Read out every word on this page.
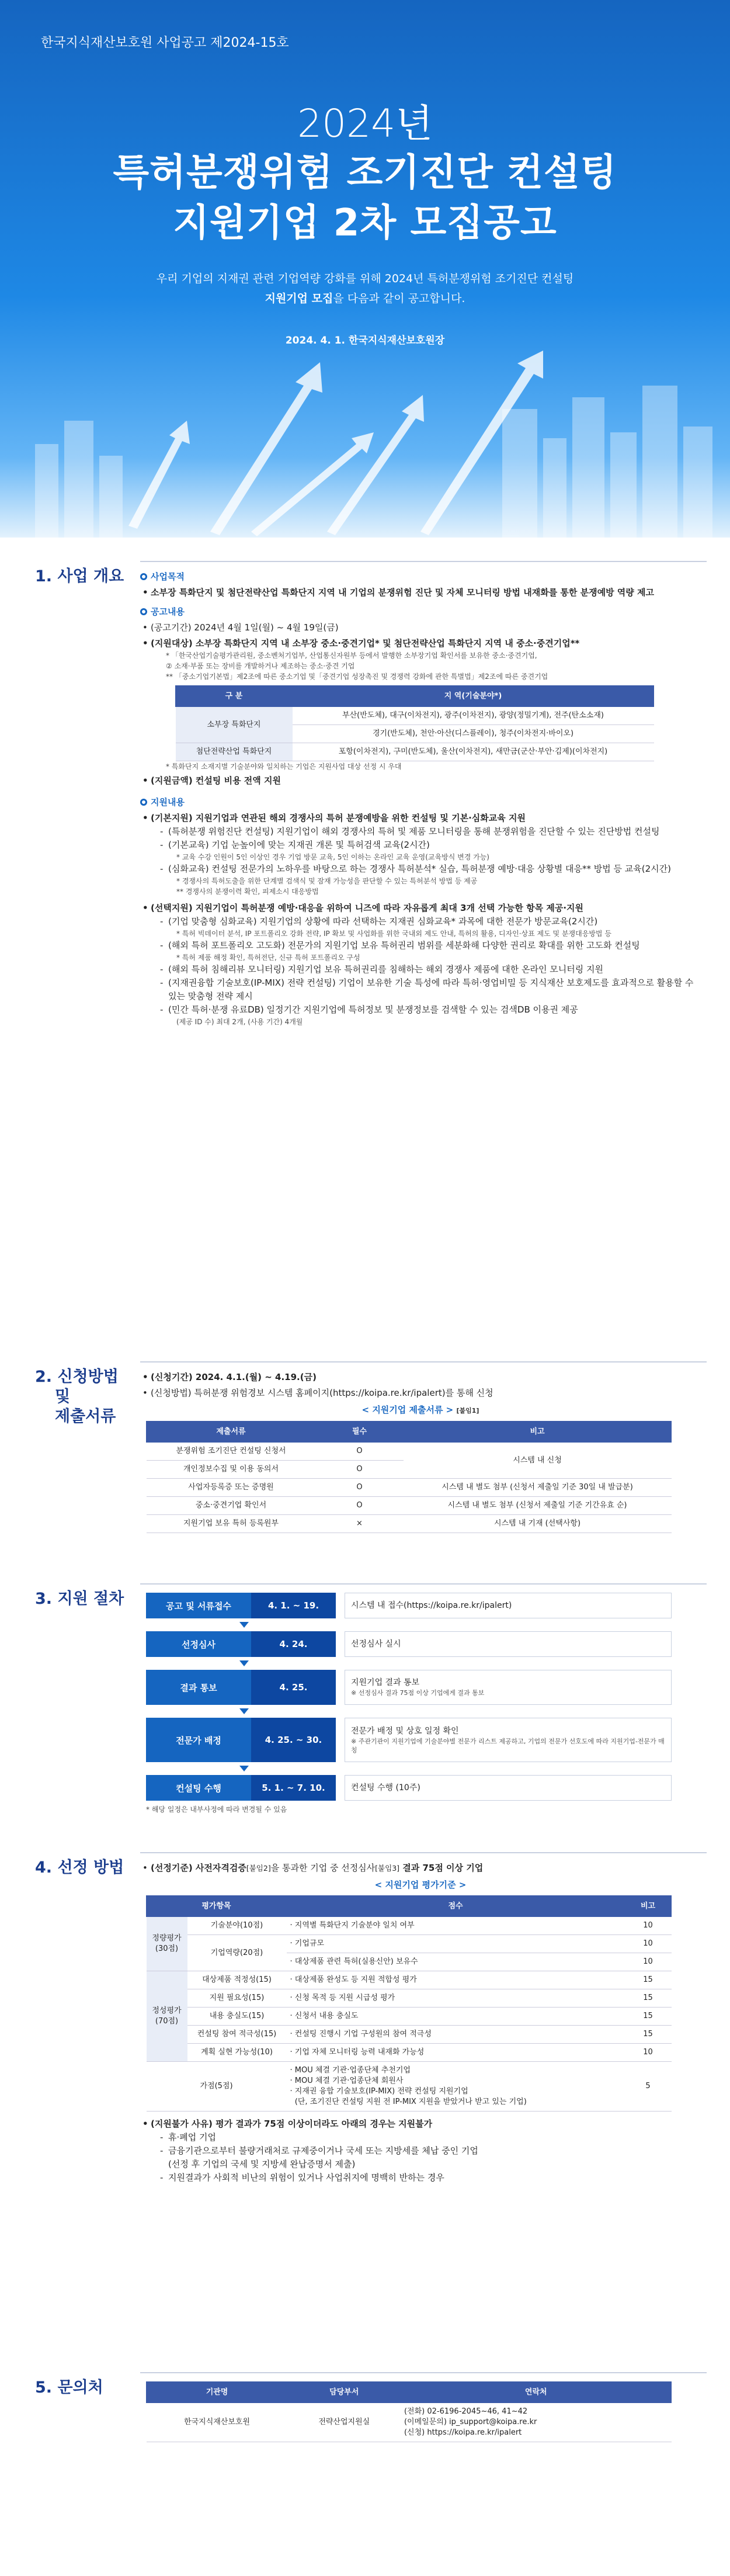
한국지식재산보호원 사업공고 제2024-15호
2024년
특허분쟁위험 조기진단 컨설팅
지원기업 2차 모집공고
우리 기업의 지재권 관련 기업역량 강화를 위해 2024년 특허분쟁위험 조기진단 컨설팅
지원기업 모집을 다음과 같이 공고합니다.
2024. 4. 1. 한국지식재산보호원장
1. 사업 개요	사업목적
• 소부장 특화단지 및 첨단전략산업 특화단지 지역 내 기업의 분쟁위험 진단 및 자체 모니터링 방법 내재화를 통한 분쟁예방 역량 제고
공고내용
• (공고기간) 2024년 4월 1일(월) ~ 4월 19일(금)
• (지원대상) 소부장 특화단지 지역 내 소부장 중소·중견기업* 및 첨단전략산업 특화단지 지역 내 중소·중견기업**
* 「한국산업기술평가관리원, 중소벤처기업부, 산업통신자원부 등에서 발행한 소부장기업 확인서를 보유한 중소·중견기업,
② 소재·부품 또는 장비를 개발하거나 제조하는 중소·중견 기업
** 「중소기업기본법」제2조에 따른 중소기업 및「중견기업 성장촉진 및 경쟁력 강화에 관한 특별법」제2조에 따른 중견기업
구 분	지 역(기술분야*)
소부장 특화단지	부산(반도체), 대구(이차전지), 광주(이차전지), 광양(정밀기계), 전주(탄소소재)
	경기(반도체), 천안·아산(디스플레이), 청주(이차전지·바이오)
첨단전략산업 특화단지	포항(이차전지), 구미(반도체), 울산(이차전지), 새만금(군산·부안·김제)(이차전지)
* 특화단지 소재지별 기술분야와 일치하는 기업은 지원사업 대상 선정 시 우대
• (지원금액) 컨설팅 비용 전액 지원
지원내용
• (기본지원) 지원기업과 연관된 해외 경쟁사의 특허 분쟁예방을 위한 컨설팅 및 기본·심화교육 지원
- (특허분쟁 위험진단 컨설팅) 지원기업이 해외 경쟁사의 특허 및 제품 모니터링을 통해 분쟁위험을 진단할 수 있는 진단방법 컨설팅
- (기본교육) 기업 눈높이에 맞는 지재권 개론 및 특허검색 교육(2시간)
* 교육 수강 인원이 5인 이상인 경우 기업 방문 교육, 5인 이하는 온라인 교육 운영(교육방식 변경 가능)
- (심화교육) 컨설팅 전문가의 노하우를 바탕으로 하는 경쟁사 특허분석* 실습, 특허분쟁 예방·대응 상황별 대응** 방법 등 교육(2시간)
* 경쟁사의 특허도출을 위한 단계별 검색식 및 잠재 가능성을 판단할 수 있는 특허분석 방법 등 제공
** 경쟁사의 분쟁이력 확인, 피제소시 대응방법
• (선택지원) 지원기업이 특허분쟁 예방·대응을 위하여 니즈에 따라 자유롭게 최대 3개 선택 가능한 항목 제공·지원
- (기업 맞춤형 심화교육) 지원기업의 상황에 따라 선택하는 지재권 심화교육* 과목에 대한 전문가 방문교육(2시간)
* 특허 빅데이터 분석, IP 포트폴리오 강화 전략, IP 확보 및 사업화를 위한 국내외 제도 안내, 특허의 활용, 디자인·상표 제도 및 분쟁대응방법 등
- (해외 특허 포트폴리오 고도화) 전문가의 지원기업 보유 특허권리 범위를 세분화해 다양한 권리로 확대를 위한 고도화 컨설팅
* 특허 제품 해정 확인, 특허전단, 신규 특허 포트폴리오 구성
- (해외 특허 침해리뷰 모니터링) 지원기업 보유 특허권리를 침해하는 해외 경쟁사 제품에 대한 온라인 모니터링 지원
- (지재권융합 기술보호(IP-MIX) 전략 컨설팅) 기업이 보유한 기술 특성에 따라 특허·영업비밀 등 지식재산 보호제도를 효과적으로 활용할 수 있는 맞춤형 전략 제시
- (민간 특허·분쟁 유료DB) 일정기간 지원기업에 특허정보 및 분쟁정보를 검색할 수 있는 검색DB 이용권 제공
(제공 ID 수) 최대 2개, (사용 기간) 4개월
2. 신청방법
및
제출서류
• (신청기간) 2024. 4.1.(월) ~ 4.19.(금)
• (신청방법) 특허분쟁 위험경보 시스템 홈페이지(https://koipa.re.kr/ipalert)를 통해 신청
< 지원기업 제출서류 > [붙임1]
제출서류	필수	비고
분쟁위험 조기진단 컨설팅 신청서	O	시스템 내 신청
개인정보수집 및 이용 동의서	O	
사업자등록증 또는 증명원	O	시스템 내 별도 첨부 (신청서 제출일 기준 30일 내 발급분)
중소·중견기업 확인서	O	시스템 내 별도 첨부 (신청서 제출일 기준 기간유효 순)
지원기업 보유 특허 등록원부	×	시스템 내 기재 (선택사항)
3. 지원 절차	공고 및 서류접수	4. 1. ~ 19.	시스템 내 접수(https://koipa.re.kr/ipalert)
선정심사	4. 24.	선정심사 실시
결과 통보	4. 25.	지원기업 결과 통보
※ 선정심사 결과 75점 이상 기업에게 결과 통보
전문가 배정	4. 25. ~ 30.
전문가 배정 및 상호 일정 확인
※ 주관기관이 지원기업에 기술분야별 전문가 리스트 제공하고, 기업의 전문가 선호도에 따라 지원기업-전문가 매칭
컨설팅 수행	5. 1. ~ 7. 10.	컨설팅 수행 (10주)
* 해당 일정은 내부사정에 따라 변경될 수 있음
4. 선정 방법	• (선정기준) 사전자격검증[붙임2]을 통과한 기업 중 선정심사[붙임3] 결과 75점 이상 기업
< 지원기업 평가기준 >
평가항목		점수	비고
정량평가
(30점)	기술분야(10점)	· 지역별 특화단지 기술분야 일치 여부	10
	기업역량(20점)	· 기업규모	10
		· 대상제품 관련 특허(실용신안) 보유수	10
정성평가
(70점)	대상제품 적정성(15)	· 대상제품 완성도 등 지원 적합성 평가	15
	지원 필요성(15)	· 신청 목적 등 지원 시급성 평가	15
	내용 충실도(15)	· 신청서 내용 충실도	15
	컨설팅 참여 적극성(15)	· 컨설팅 진행시 기업 구성원의 참여 적극성	15
	계획 실현 가능성(10)	· 기업 자체 모니터링 능력 내재화 가능성	10
가점(5점)		· MOU 체결 기관·업종단체 추천기업
· MOU 체결 기관·업종단체 회원사
· 지재권 융합 기술보호(IP-MIX) 전략 컨설팅 지원기업
(단, 조기진단 컨설팅 지원 전 IP-MIX 지원을 받았거나 받고 있는 기업)	5
• (지원불가 사유) 평가 결과가 75점 이상이더라도 아래의 경우는 지원불가
- 휴·폐업 기업
- 금융기관으로부터 불량거래처로 규제중이거나 국세 또는 지방세를 체납 중인 기업
(선정 후 기업의 국세 및 지방세 완납증명서 제출)
- 지원결과가 사회적 비난의 위험이 있거나 사업취지에 명백히 반하는 경우
5. 문의처	기관명	담당부서	연락처
한국지식재산보호원	전략산업지원실	(전화) 02-6196-2045~46, 41~42
(이메일문의) ip_support@koipa.re.kr
(신청) https://koipa.re.kr/ipalert
